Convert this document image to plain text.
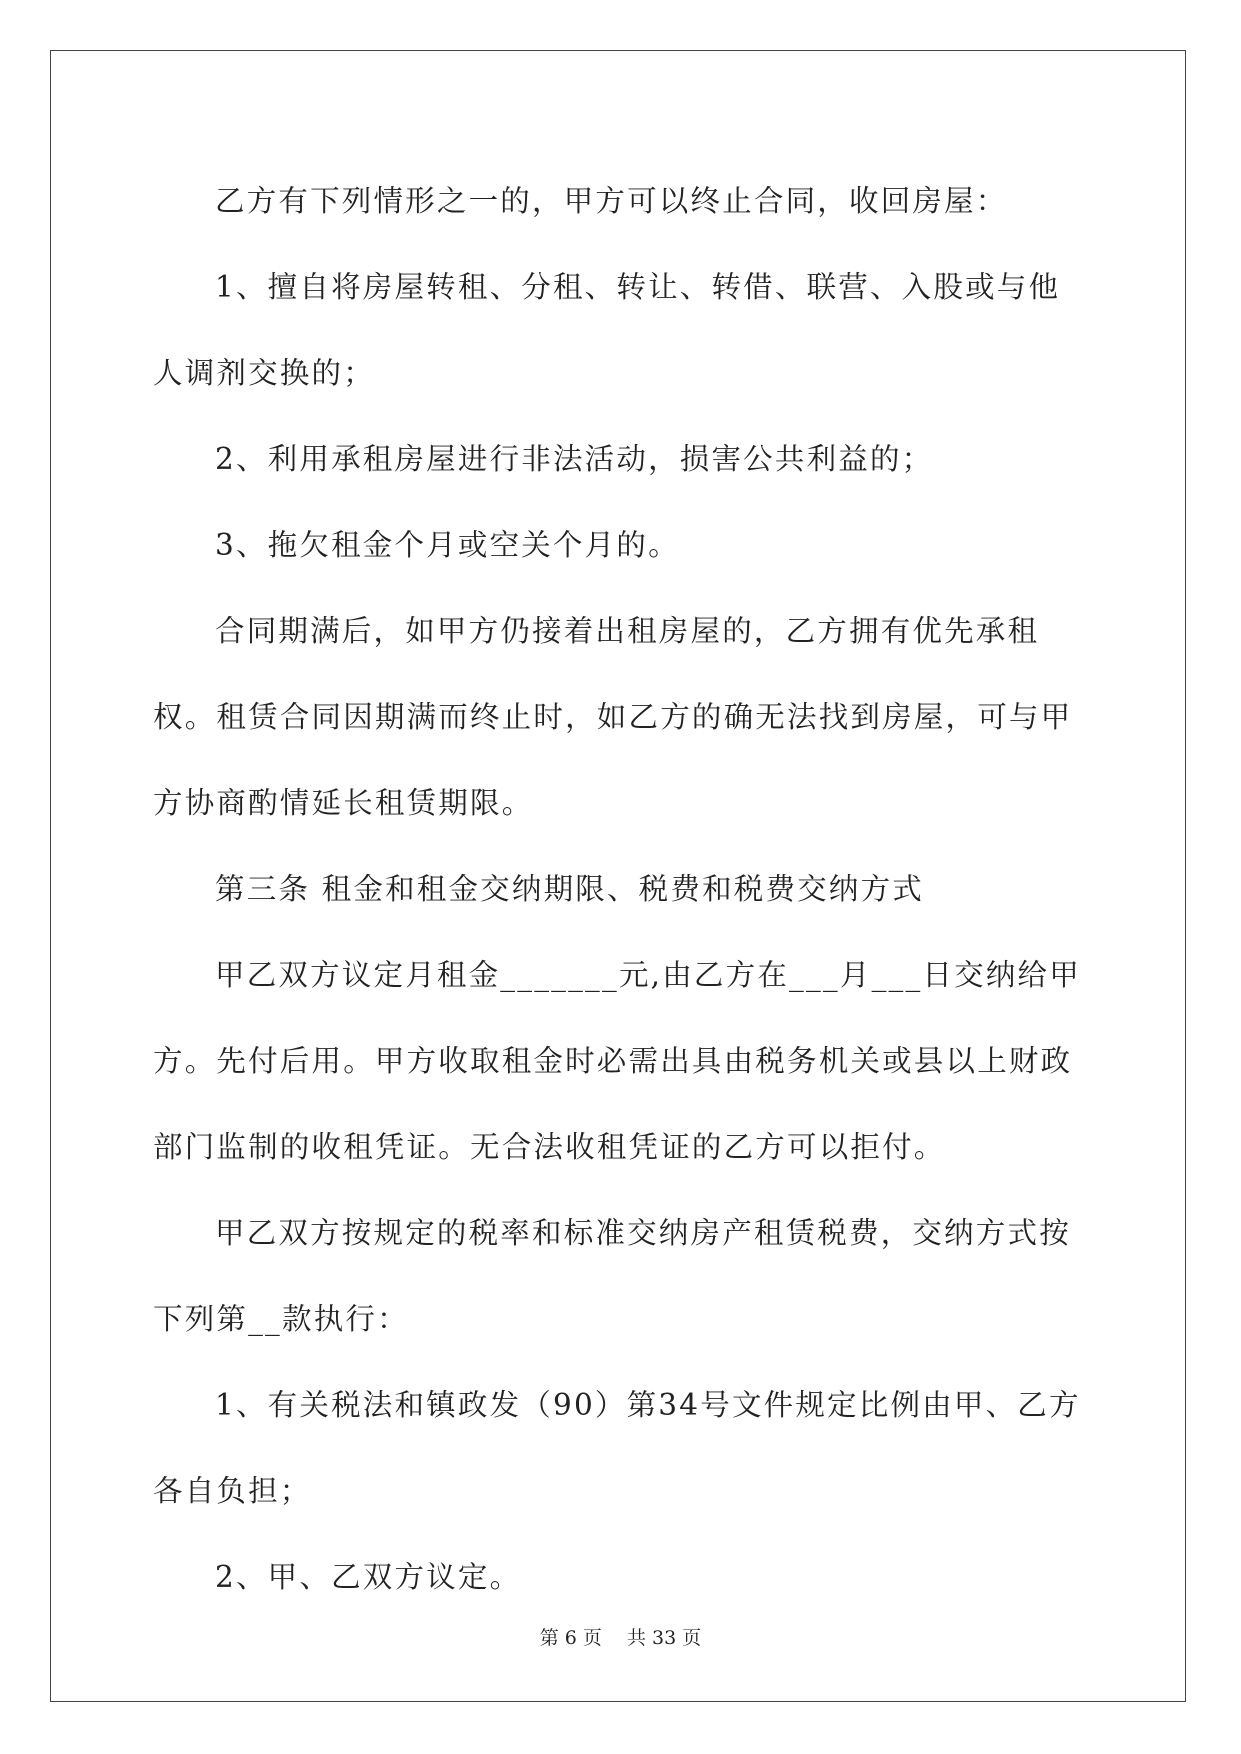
乙方有下列情形之一的，甲方可以终止合同，收回房屋：

1、擅自将房屋转租、分租、转让、转借、联营、入股或与他人调剂交换的；

2、利用承租房屋进行非法活动，损害公共利益的；

3、拖欠租金个月或空关个月的。

合同期满后，如甲方仍接着出租房屋的，乙方拥有优先承租权。租赁合同因期满而终止时，如乙方的确无法找到房屋，可与甲方协商酌情延长租赁期限。

第三条 租金和租金交纳期限、税费和税费交纳方式

甲乙双方议定月租金_______元,由乙方在___月___日交纳给甲方。先付后用。甲方收取租金时必需出具由税务机关或县以上财政部门监制的收租凭证。无合法收租凭证的乙方可以拒付。

甲乙双方按规定的税率和标准交纳房产租赁税费，交纳方式按下列第__款执行：

1、有关税法和镇政发（90）第34号文件规定比例由甲、乙方各自负担；

2、甲、乙双方议定。

第 6 页　 共 33 页
